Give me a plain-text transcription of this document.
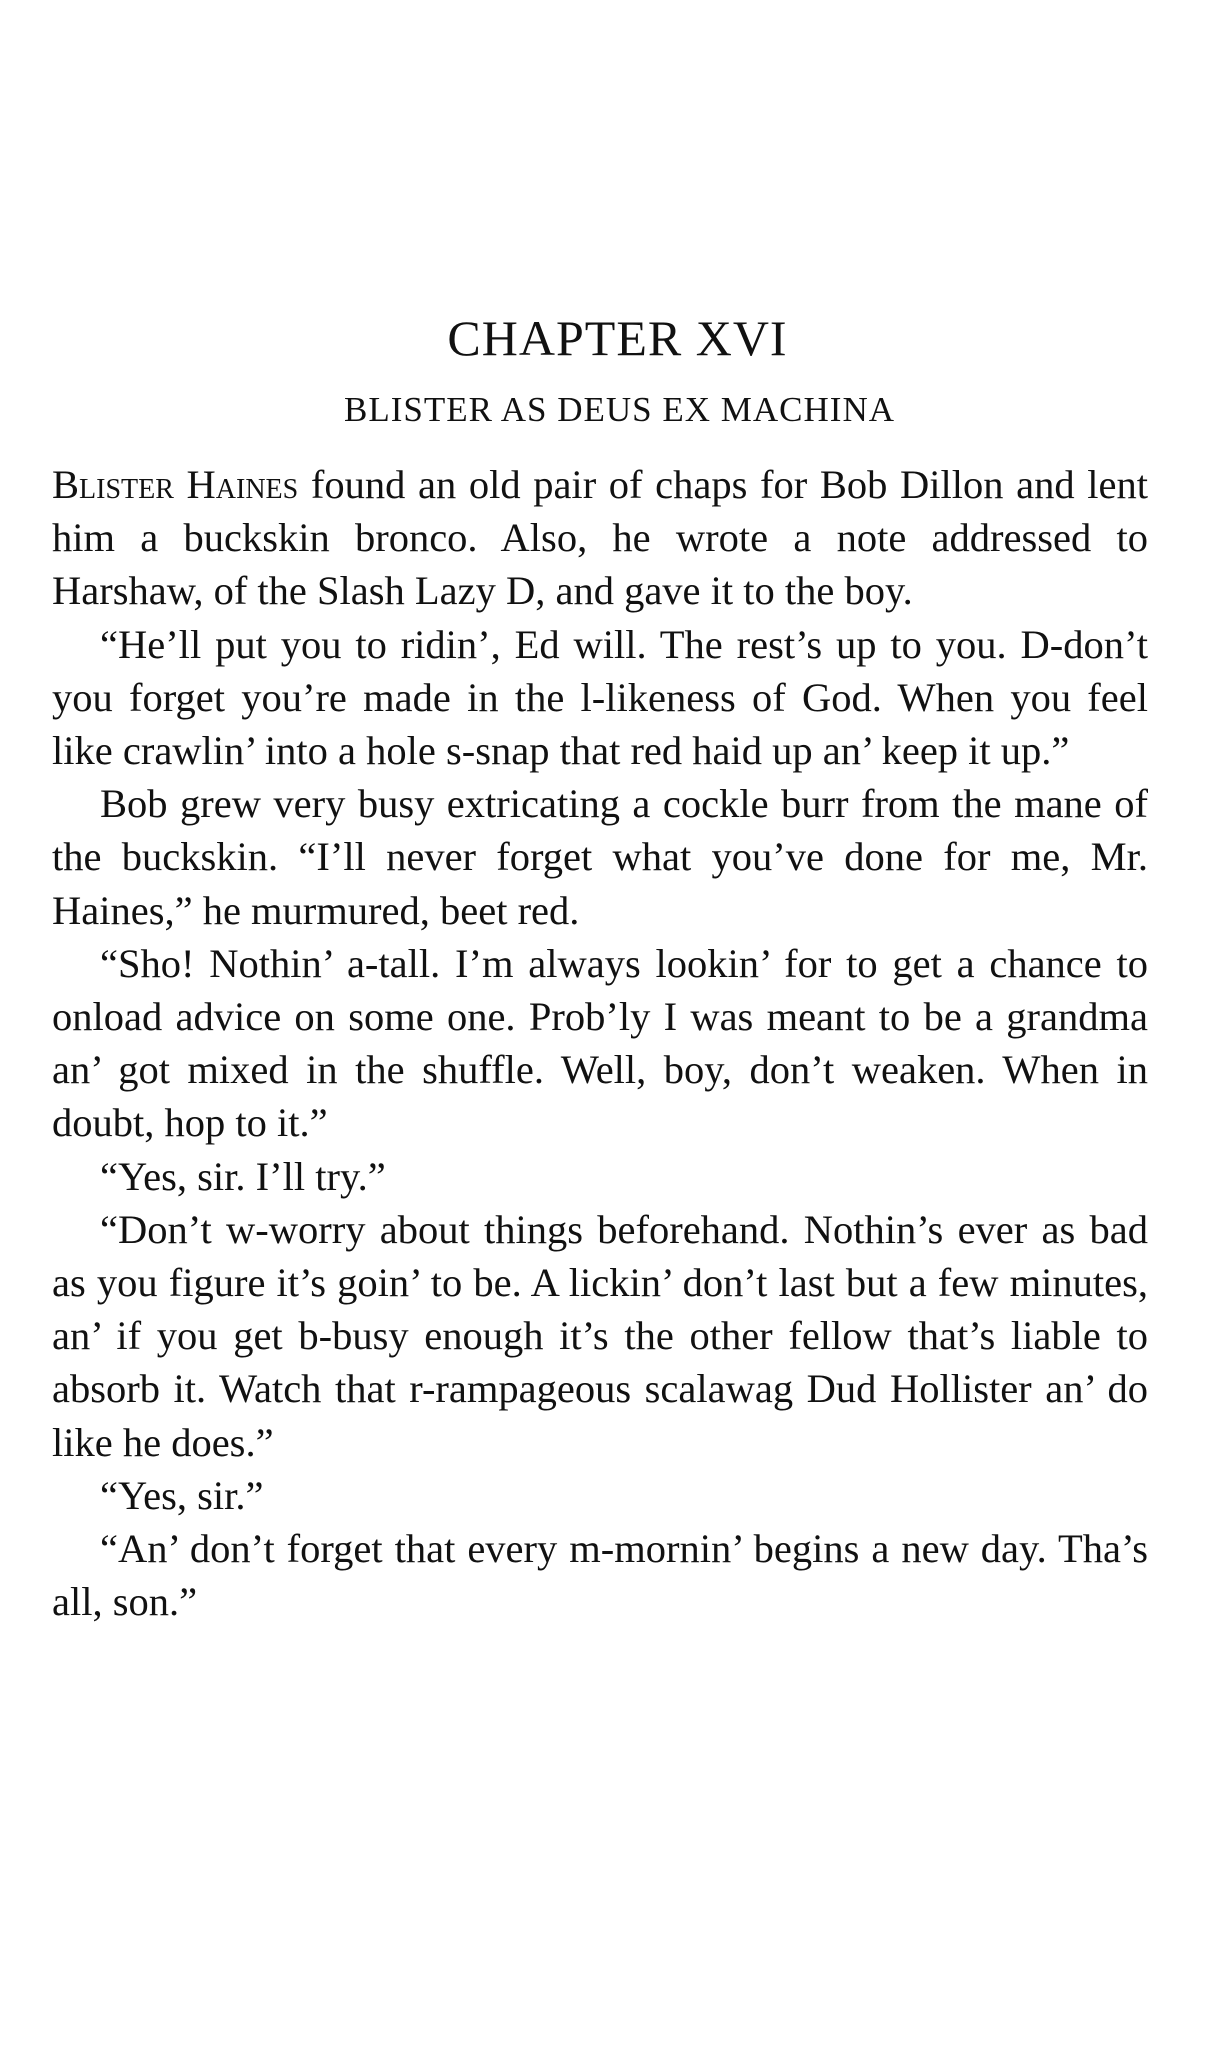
CHAPTER XVI
BLISTER AS DEUS EX MACHINA

Blister Haines found an old pair of chaps for Bob Dillon and lent him a buckskin bronco. Also, he wrote a note addressed to Harshaw, of the Slash Lazy D, and gave it to the boy.

“He’ll put you to ridin’, Ed will. The rest’s up to you. D-don’t you forget you’re made in the l-likeness of God. When you feel like crawlin’ into a hole s-snap that red haid up an’ keep it up.”

Bob grew very busy extricating a cockle burr from the mane of the buckskin. “I’ll never forget what you’ve done for me, Mr. Haines,” he murmured, beet red.

“Sho! Nothin’ a-tall. I’m always lookin’ for to get a chance to onload advice on some one. Prob’ly I was meant to be a grandma an’ got mixed in the shuffle. Well, boy, don’t weaken. When in doubt, hop to it.”

“Yes, sir. I’ll try.”

“Don’t w-worry about things beforehand. Nothin’s ever as bad as you figure it’s goin’ to be. A lickin’ don’t last but a few minutes, an’ if you get b-busy enough it’s the other fellow that’s liable to absorb it. Watch that r-rampageous scalawag Dud Hollister an’ do like he does.”

“Yes, sir.”

“An’ don’t forget that every m-mornin’ begins a new day. Tha’s all, son.”
